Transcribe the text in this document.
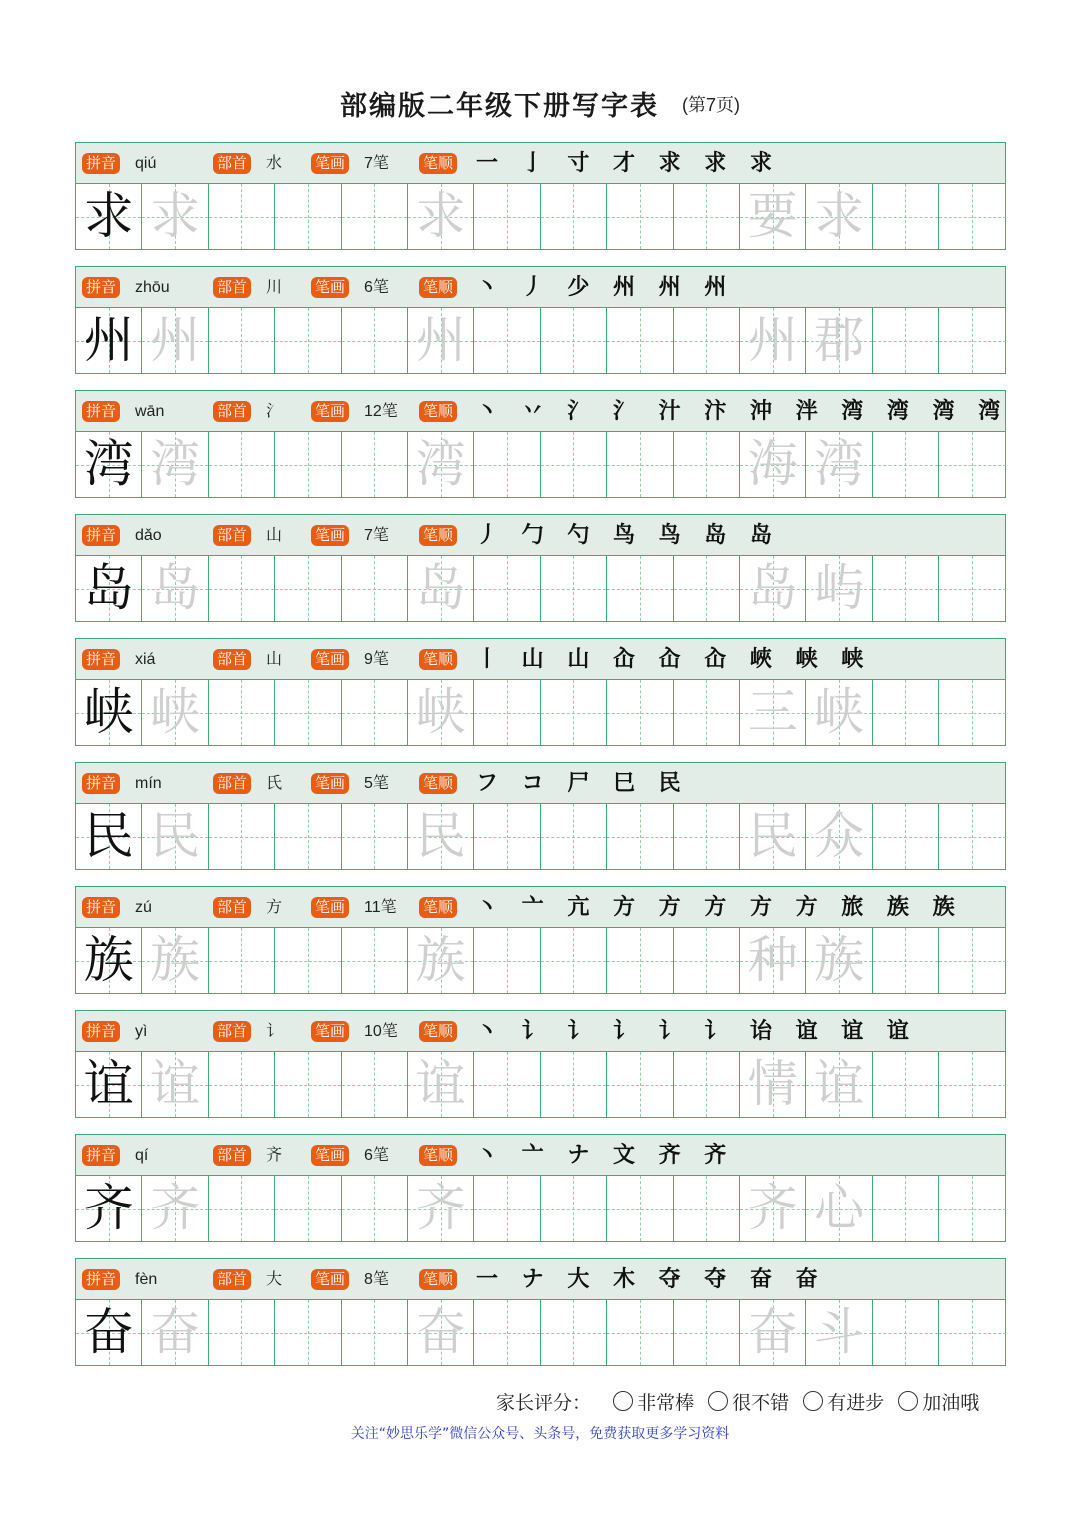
部编版二年级下册写字表 (第7页)
拼音 qiú	部首 水 笔画 7笔 笔顺 一 亅 寸 才 求 求 求
求 求	求	要 求
拼音 zhōu	部首 川 笔画 6笔 笔顺 丶 丿 少 州 州 州
州 州	州	州 郡
拼音 wān	部首 氵 笔画 12笔 笔顺 丶 丷 氵 氵 汁 汴 沖 泮 湾 湾 湾 湾
湾 湾	湾	海 湾
拼音 dǎo	部首 山 笔画 7笔 笔顺 丿 勹 勺 鸟 鸟 岛 岛
岛 岛	岛	岛 屿
拼音 xiá	部首 山 笔画 9笔 笔顺 丨 山 山 屳 屳 屳 峽 峡 峡
峡 峡	峡	三 峡
拼音 mín	部首 氏 笔画 5笔 笔顺 フ コ 尸 巳 民
民 民	民	民 众
拼音 zú	部首 方 笔画 11笔 笔顺 丶 亠 亢 方 方 方 方 方 旅 族 族
族 族	族	种 族
拼音 yì	部首 讠 笔画 10笔 笔顺 丶 讠 讠 讠 讠 讠 诒 谊 谊 谊
谊 谊	谊	情 谊
拼音 qí	部首 齐 笔画 6笔 笔顺 丶 亠 ナ 文 齐 齐
齐 齐	齐	齐 心
拼音 fèn	部首 大 笔画 8笔 笔顺 一 ナ 大 木 夺 夺 奋 奋
奋 奋	奋	奋 斗
家长评分： 非常棒 很不错 有进步 加油哦
关注“妙思乐学”微信公众号、头条号，免费获取更多学习资料
